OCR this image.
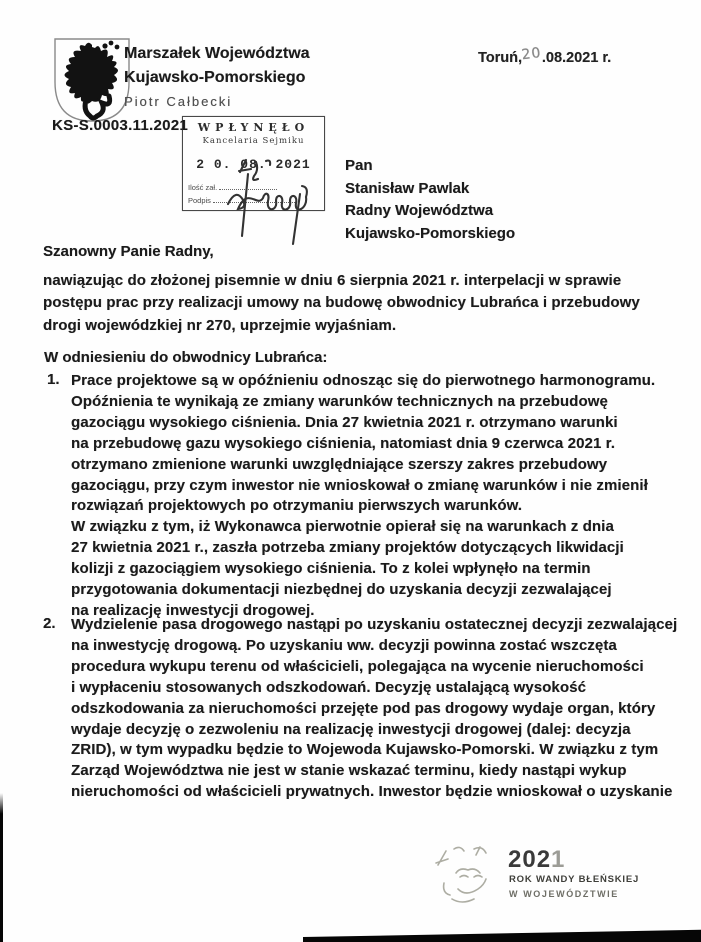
Marszałek Województwa
Kujawsko-Pomorskiego
Piotr Całbecki
Toruń,20.08.2021 r.
KS-S.0003.11.2021 WPŁYNĘŁO
Kancelaria Sejmiku
2 0. 08. 2021
Ilość zał.
Podpis
Pan
Stanisław Pawlak
Radny Województwa
Kujawsko-Pomorskiego
Szanowny Panie Radny,
nawiązując do złożonej pisemnie w dniu 6 sierpnia 2021 r. interpelacji w sprawie
postępu prac przy realizacji umowy na budowę obwodnicy Lubrańca i przebudowy
drogi wojewódzkiej nr 270, uprzejmie wyjaśniam.
W odniesieniu do obwodnicy Lubrańca:
1. Prace projektowe są w opóźnieniu odnosząc się do pierwotnego harmonogramu.
Opóźnienia te wynikają ze zmiany warunków technicznych na przebudowę
gazociągu wysokiego ciśnienia. Dnia 27 kwietnia 2021 r. otrzymano warunki
na przebudowę gazu wysokiego ciśnienia, natomiast dnia 9 czerwca 2021 r.
otrzymano zmienione warunki uwzględniające szerszy zakres przebudowy
gazociągu, przy czym inwestor nie wnioskował o zmianę warunków i nie zmienił
rozwiązań projektowych po otrzymaniu pierwszych warunków.
W związku z tym, iż Wykonawca pierwotnie opierał się na warunkach z dnia
27 kwietnia 2021 r., zaszła potrzeba zmiany projektów dotyczących likwidacji
kolizji z gazociągiem wysokiego ciśnienia. To z kolei wpłynęło na termin
przygotowania dokumentacji niezbędnej do uzyskania decyzji zezwalającej
na realizację inwestycji drogowej.
2. Wydzielenie pasa drogowego nastąpi po uzyskaniu ostatecznej decyzji zezwalającej
na inwestycję drogową. Po uzyskaniu ww. decyzji powinna zostać wszczęta
procedura wykupu terenu od właścicieli, polegająca na wycenie nieruchomości
i wypłaceniu stosowanych odszkodowań. Decyzję ustalającą wysokość
odszkodowania za nieruchomości przejęte pod pas drogowy wydaje organ, który
wydaje decyzję o zezwoleniu na realizację inwestycji drogowej (dalej: decyzja
ZRID), w tym wypadku będzie to Wojewoda Kujawsko-Pomorski. W związku z tym
Zarząd Województwa nie jest w stanie wskazać terminu, kiedy nastąpi wykup
nieruchomości od właścicieli prywatnych. Inwestor będzie wnioskował o uzyskanie
2021
ROK WANDY BŁEŃSKIEJ
W WOJEWÓDZTWIE
